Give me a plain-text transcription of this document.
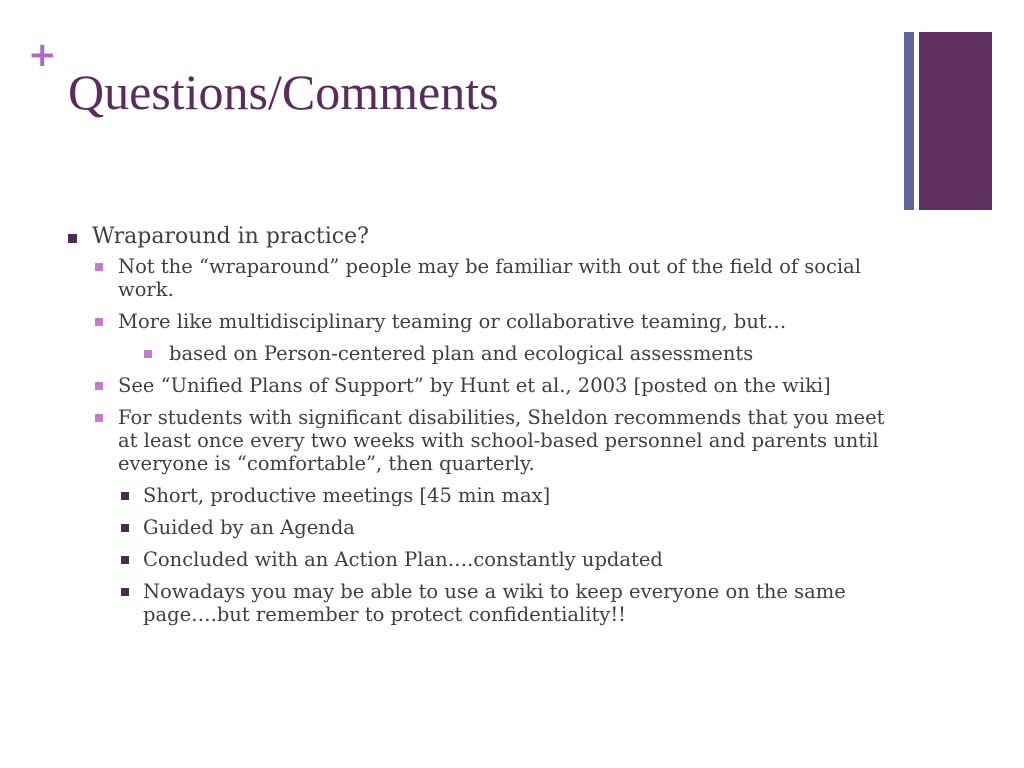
+
Questions/Comments
Wraparound in practice?
Not the “wraparound” people may be familiar with out of the field of social work.
More like multidisciplinary teaming or collaborative teaming, but…
based on Person-centered plan and ecological assessments
See “Unified Plans of Support” by Hunt et al., 2003 [posted on the wiki]
For students with significant disabilities, Sheldon recommends that you meet at least once every two weeks with school-based personnel and parents until everyone is “comfortable”, then quarterly.
Short, productive meetings [45 min max]
Guided by an Agenda
Concluded with an Action Plan….constantly updated
Nowadays you may be able to use a wiki to keep everyone on the same page….but remember to protect confidentiality!!
